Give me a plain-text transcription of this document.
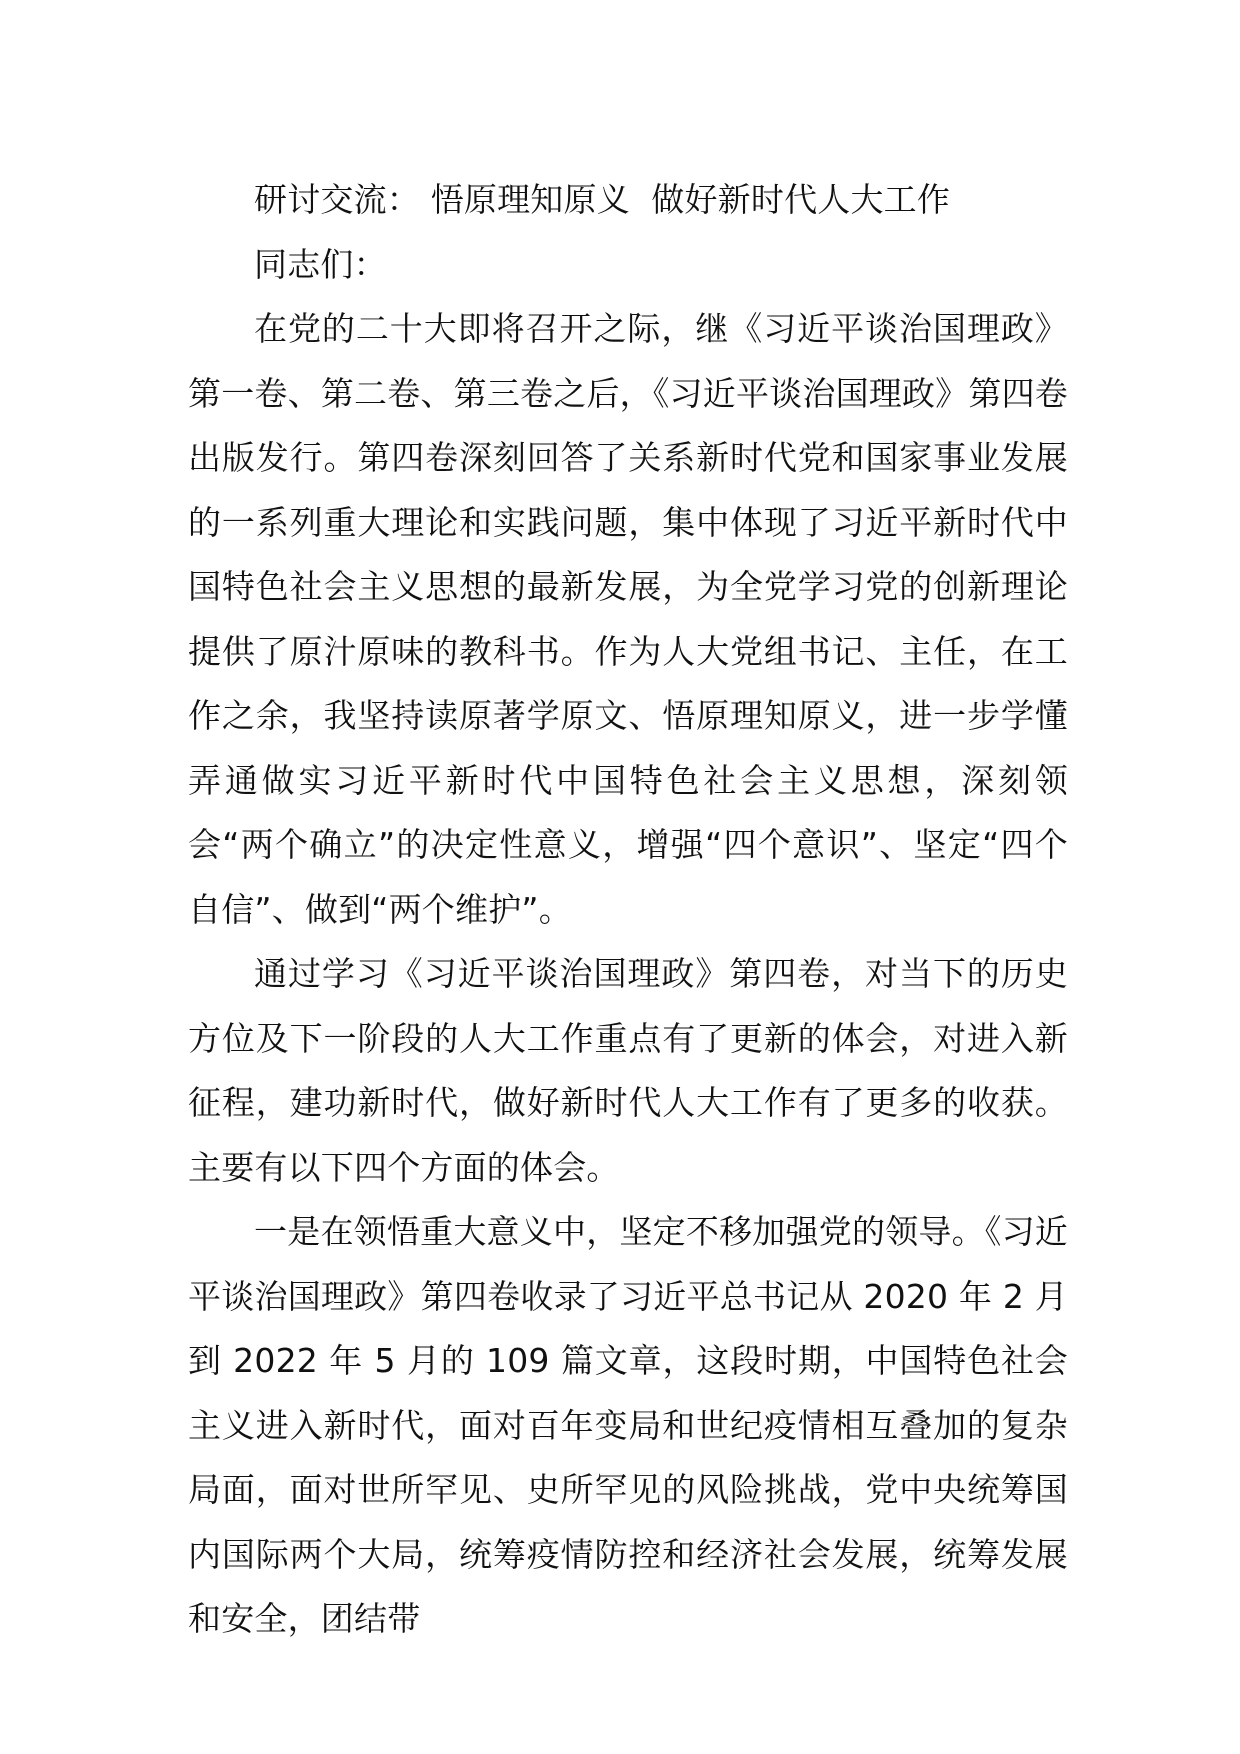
研讨交流： 悟原理知原义  做好新时代人大工作

同志们：

在党的二十大即将召开之际，继《习近平谈治国理政》第一卷、第二卷、第三卷之后，《习近平谈治国理政》第四卷出版发行。第四卷深刻回答了关系新时代党和国家事业发展的一系列重大理论和实践问题，集中体现了习近平新时代中国特色社会主义思想的最新发展，为全党学习党的创新理论提供了原汁原味的教科书。作为人大党组书记、主任，在工作之余，我坚持读原著学原文、悟原理知原义，进一步学懂弄通做实习近平新时代中国特色社会主义思想，深刻领会“两个确立”的决定性意义，增强“四个意识”、坚定“四个自信”、做到“两个维护”。

通过学习《习近平谈治国理政》第四卷，对当下的历史方位及下一阶段的人大工作重点有了更新的体会，对进入新征程，建功新时代，做好新时代人大工作有了更多的收获。主要有以下四个方面的体会。

一是在领悟重大意义中，坚定不移加强党的领导。《习近平谈治国理政》第四卷收录了习近平总书记从 2020 年 2 月到 2022 年 5 月的 109 篇文章，这段时期，中国特色社会主义进入新时代，面对百年变局和世纪疫情相互叠加的复杂局面，面对世所罕见、史所罕见的风险挑战，党中央统筹国内国际两个大局，统筹疫情防控和经济社会发展，统筹发展和安全，团结带
